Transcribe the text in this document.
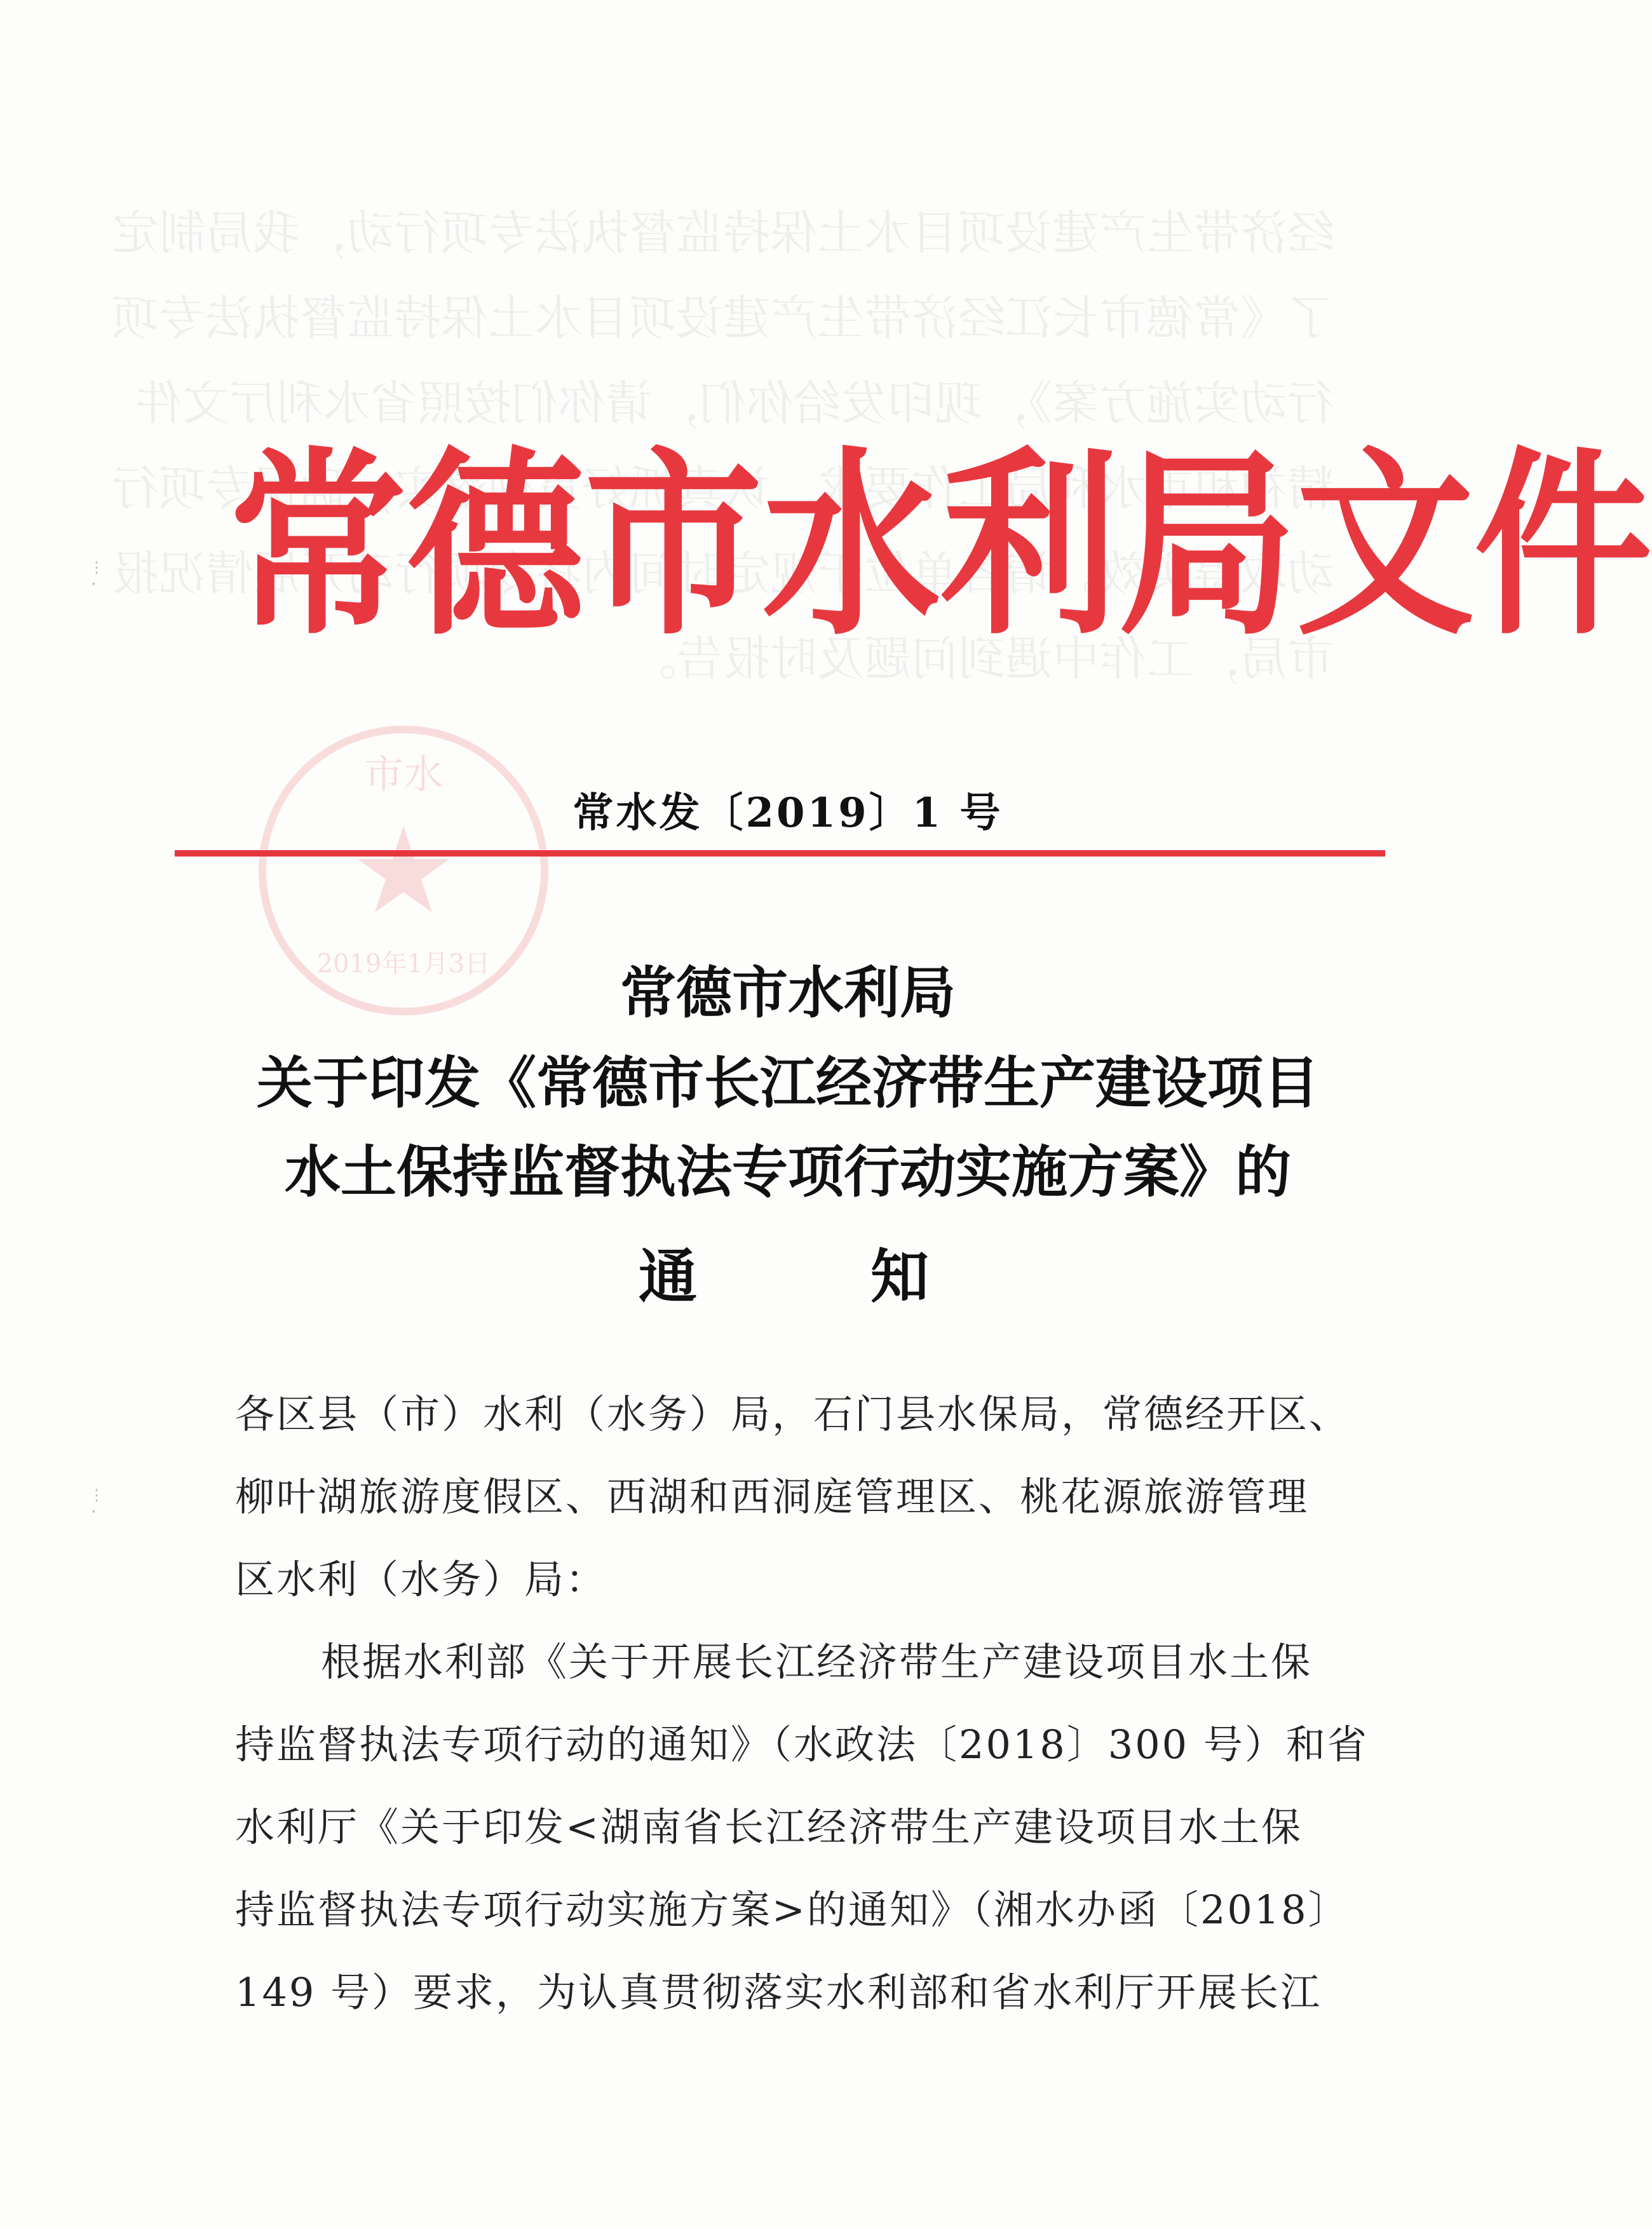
经济带生产建设项目水土保持监督执法专项行动，我局制定
了《常德市长江经济带生产建设项目水土保持监督执法专项
行动实施方案》，现印发给你们，请你们按照省水利厅文件
精神和市水利局工作要求，认真抓好贯彻落实，确保专项行
动取得实效。请各单位于规定时间内将专项行动开展情况报
市局，工作中遇到问题及时报告。
市水
2019年1月3日
常 德 市 水 利 局 文 件
常水发〔2019〕1 号
常德市水利局
关于印发《常德市长江经济带生产建设项目
水土保持监督执法专项行动实施方案》的
通	知
各区县（市）水利（水务）局，石门县水保局，常德经开区、
柳叶湖旅游度假区、西湖和西洞庭管理区、桃花源旅游管理
区水利（水务）局：
根据水利部《关于开展长江经济带生产建设项目水土保
持监督执法专项行动的通知》（水政法〔2018〕300 号）和省
水利厅《关于印发<湖南省长江经济带生产建设项目水土保
持监督执法专项行动实施方案>的通知》（湘水办函〔2018〕
149 号）要求，为认真贯彻落实水利部和省水利厅开展长江
⋮
·
⋮
·
